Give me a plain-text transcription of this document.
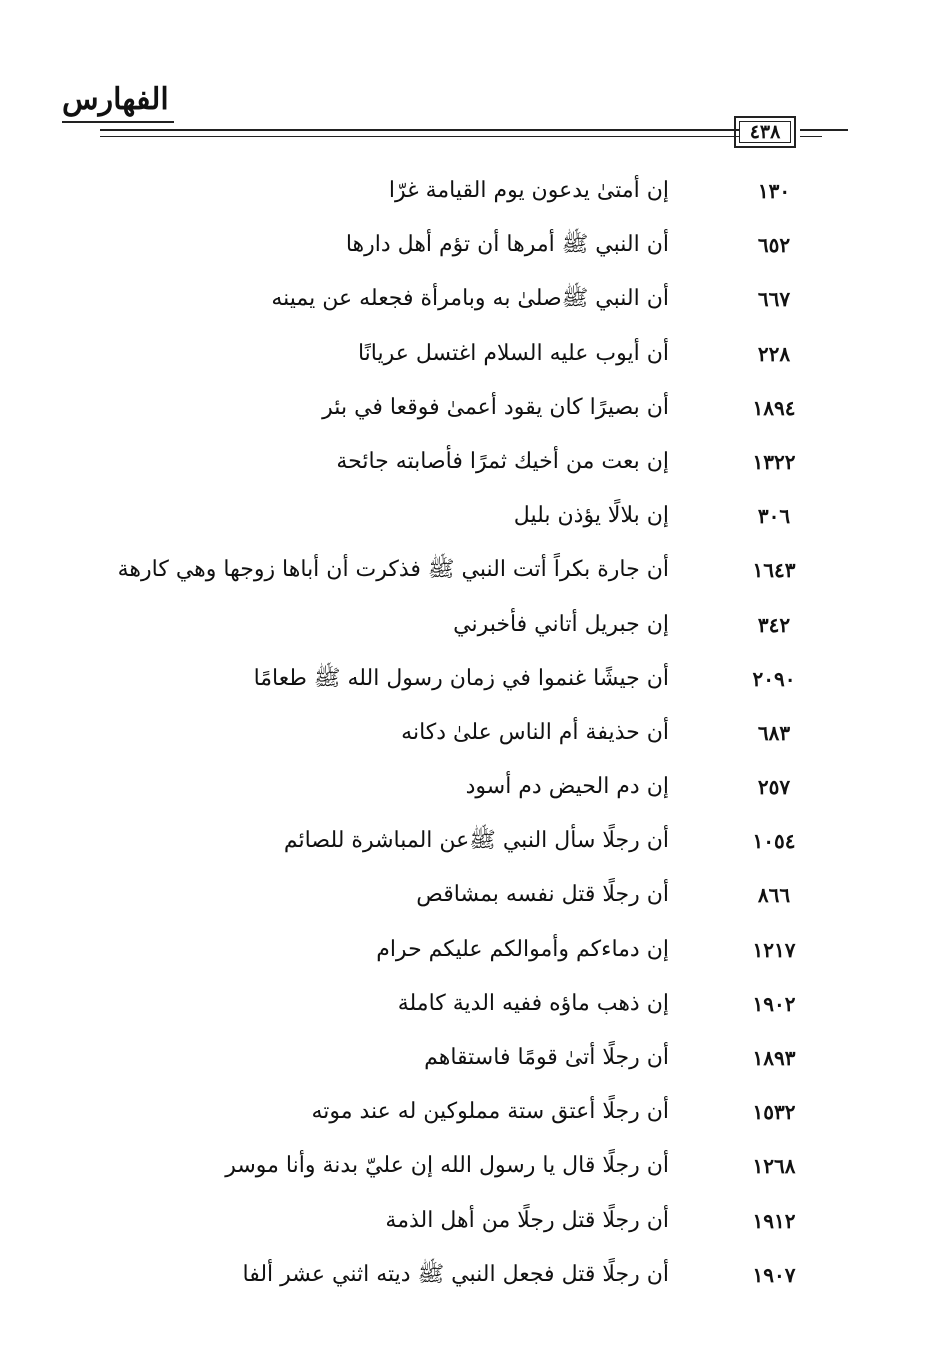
الفهارس
٤٣٨
١٣٠
إن أمتىٰ يدعون يوم القيامة غرّا
٦٥٢
أن النبي ﷺ أمرها أن تؤم أهل دارها
٦٦٧
أن النبي ﷺصلىٰ به وبامرأة فجعله عن يمينه
٢٢٨
أن أيوب عليه السلام اغتسل عريانًا
١٨٩٤
أن بصيرًا كان يقود أعمىٰ فوقعا في بئر
١٣٢٢
إن بعت من أخيك ثمرًا فأصابته جائحة
٣٠٦
إن بلالًا يؤذن بليل
١٦٤٣
أن جارة بكراً أتت النبي ﷺ فذكرت أن أباها زوجها وهي كارهة
٣٤٢
إن جبريل أتاني فأخبرني
٢٠٩٠
أن جيشًا غنموا في زمان رسول الله ﷺ طعامًا
٦٨٣
أن حذيفة أم الناس علىٰ دكانه
٢٥٧
إن دم الحيض دم أسود
١٠٥٤
أن رجلًا سأل النبي ﷺعن المباشرة للصائم
٨٦٦
أن رجلًا قتل نفسه بمشاقص
١٢١٧
إن دماءكم وأموالكم عليكم حرام
١٩٠٢
إن ذهب ماؤه ففيه الدية كاملة
١٨٩٣
أن رجلًا أتىٰ قومًا فاستقاهم
١٥٣٢
أن رجلًا أعتق ستة مملوكين له عند موته
١٢٦٨
أن رجلًا قال يا رسول الله إن عليّ بدنة وأنا موسر
١٩١٢
أن رجلًا قتل رجلًا من أهل الذمة
١٩٠٧
أن رجلًا قتل فجعل النبي ﷺ ديته اثني عشر ألفا
